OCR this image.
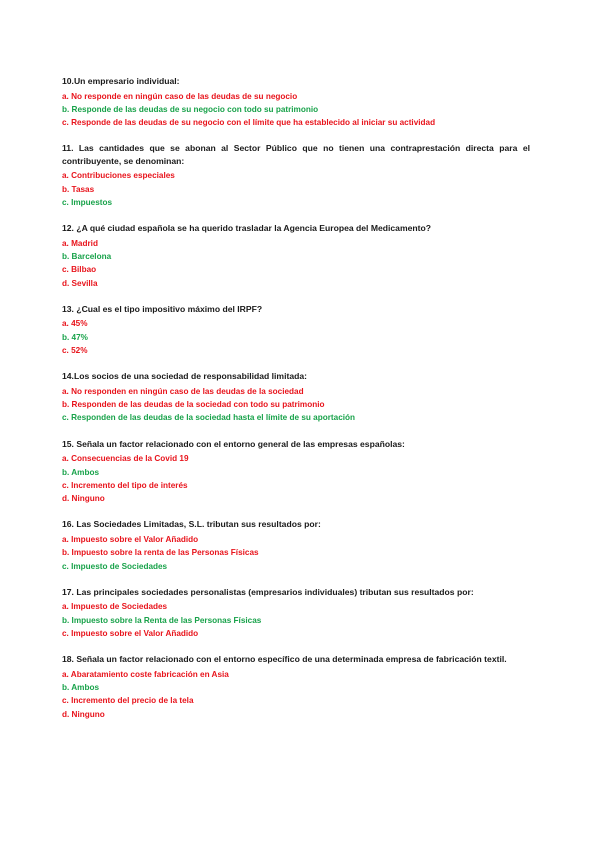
10.Un empresario individual:

a. No responde en ningún caso de las deudas de su negocio

b. Responde de las deudas de su negocio con todo su patrimonio

c. Responde de las deudas de su negocio con el límite que ha establecido al iniciar su actividad

11. Las cantidades que se abonan al Sector Público que no tienen una contraprestación directa para el contribuyente, se denominan:

a. Contribuciones especiales

b. Tasas

c. Impuestos

12. ¿A qué ciudad española se ha querido trasladar la Agencia Europea del Medicamento?

a. Madrid

b. Barcelona

c. Bilbao

d. Sevilla

13. ¿Cual es el tipo impositivo máximo del IRPF?

a. 45%

b. 47%

c. 52%

14.Los socios de una sociedad de responsabilidad limitada:

a. No responden en ningún caso de las deudas de la sociedad

b. Responden de las deudas de la sociedad con todo su patrimonio

c. Responden de las deudas de la sociedad hasta el límite de su aportación

15. Señala un factor relacionado con el entorno general de las empresas españolas:

a. Consecuencias de la Covid 19

b. Ambos

c. Incremento del tipo de interés

d. Ninguno

16. Las Sociedades Limitadas, S.L. tributan sus resultados por:

a. Impuesto sobre el Valor Añadido

b. Impuesto sobre la renta de las Personas Físicas

c. Impuesto de Sociedades

17. Las principales sociedades personalistas (empresarios individuales) tributan sus resultados por:

a. Impuesto de Sociedades

b. Impuesto sobre la Renta de las Personas Físicas

c. Impuesto sobre el Valor Añadido

18. Señala un factor relacionado con el entorno específico de una determinada empresa de fabricación textil.

a. Abaratamiento coste fabricación en Asia

b. Ambos

c. Incremento del precio de la tela

d. Ninguno
